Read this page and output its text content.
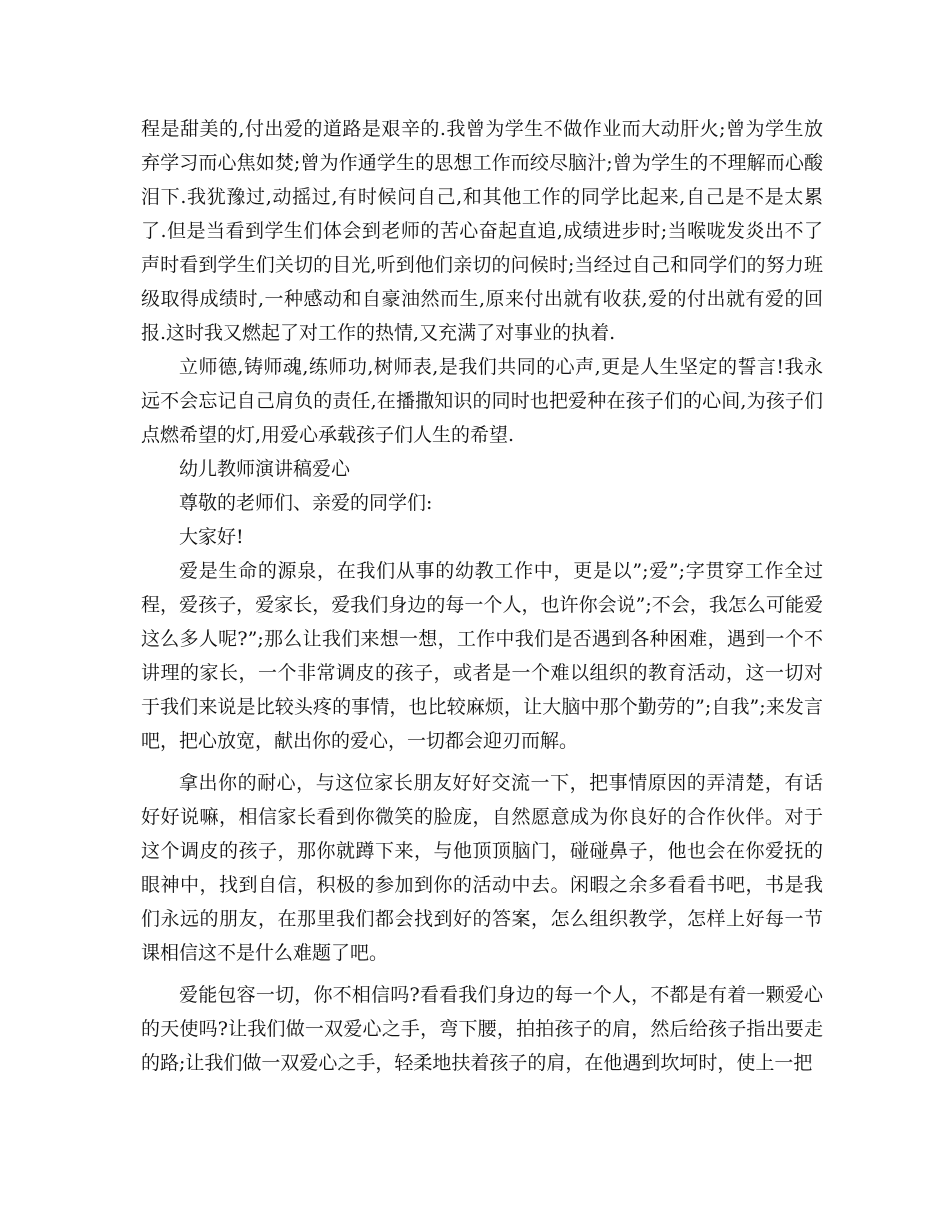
程是甜美的,付出爱的道路是艰辛的.我曾为学生不做作业而大动肝火;曾为学生放弃学习而心焦如焚;曾为作通学生的思想工作而绞尽脑汁;曾为学生的不理解而心酸泪下.我犹豫过,动摇过,有时候问自己,和其他工作的同学比起来,自己是不是太累了.但是当看到学生们体会到老师的苦心奋起直追,成绩进步时;当喉咙发炎出不了声时看到学生们关切的目光,听到他们亲切的问候时;当经过自己和同学们的努力班级取得成绩时,一种感动和自豪油然而生,原来付出就有收获,爱的付出就有爱的回报.这时我又燃起了对工作的热情,又充满了对事业的执着.

立师德,铸师魂,练师功,树师表,是我们共同的心声,更是人生坚定的誓言!我永远不会忘记自己肩负的责任,在播撒知识的同时也把爱种在孩子们的心间,为孩子们点燃希望的灯,用爱心承载孩子们人生的希望.

幼儿教师演讲稿爱心

尊敬的老师们、亲爱的同学们:

大家好!

爱是生命的源泉，在我们从事的幼教工作中，更是以”;爱”;字贯穿工作全过程，爱孩子，爱家长，爱我们身边的每一个人，也许你会说”;不会，我怎么可能爱这么多人呢?”;那么让我们来想一想，工作中我们是否遇到各种困难，遇到一个不讲理的家长，一个非常调皮的孩子，或者是一个难以组织的教育活动，这一切对于我们来说是比较头疼的事情，也比较麻烦，让大脑中那个勤劳的”;自我”;来发言吧，把心放宽，献出你的爱心，一切都会迎刃而解。

拿出你的耐心，与这位家长朋友好好交流一下，把事情原因的弄清楚，有话好好说嘛，相信家长看到你微笑的脸庞，自然愿意成为你良好的合作伙伴。对于这个调皮的孩子，那你就蹲下来，与他顶顶脑门，碰碰鼻子，他也会在你爱抚的眼神中，找到自信，积极的参加到你的活动中去。闲暇之余多看看书吧，书是我们永远的朋友，在那里我们都会找到好的答案，怎么组织教学，怎样上好每一节课相信这不是什么难题了吧。

爱能包容一切，你不相信吗?看看我们身边的每一个人，不都是有着一颗爱心的天使吗?让我们做一双爱心之手，弯下腰，拍拍孩子的肩，然后给孩子指出要走的路;让我们做一双爱心之手，轻柔地扶着孩子的肩，在他遇到坎坷时，使上一把
